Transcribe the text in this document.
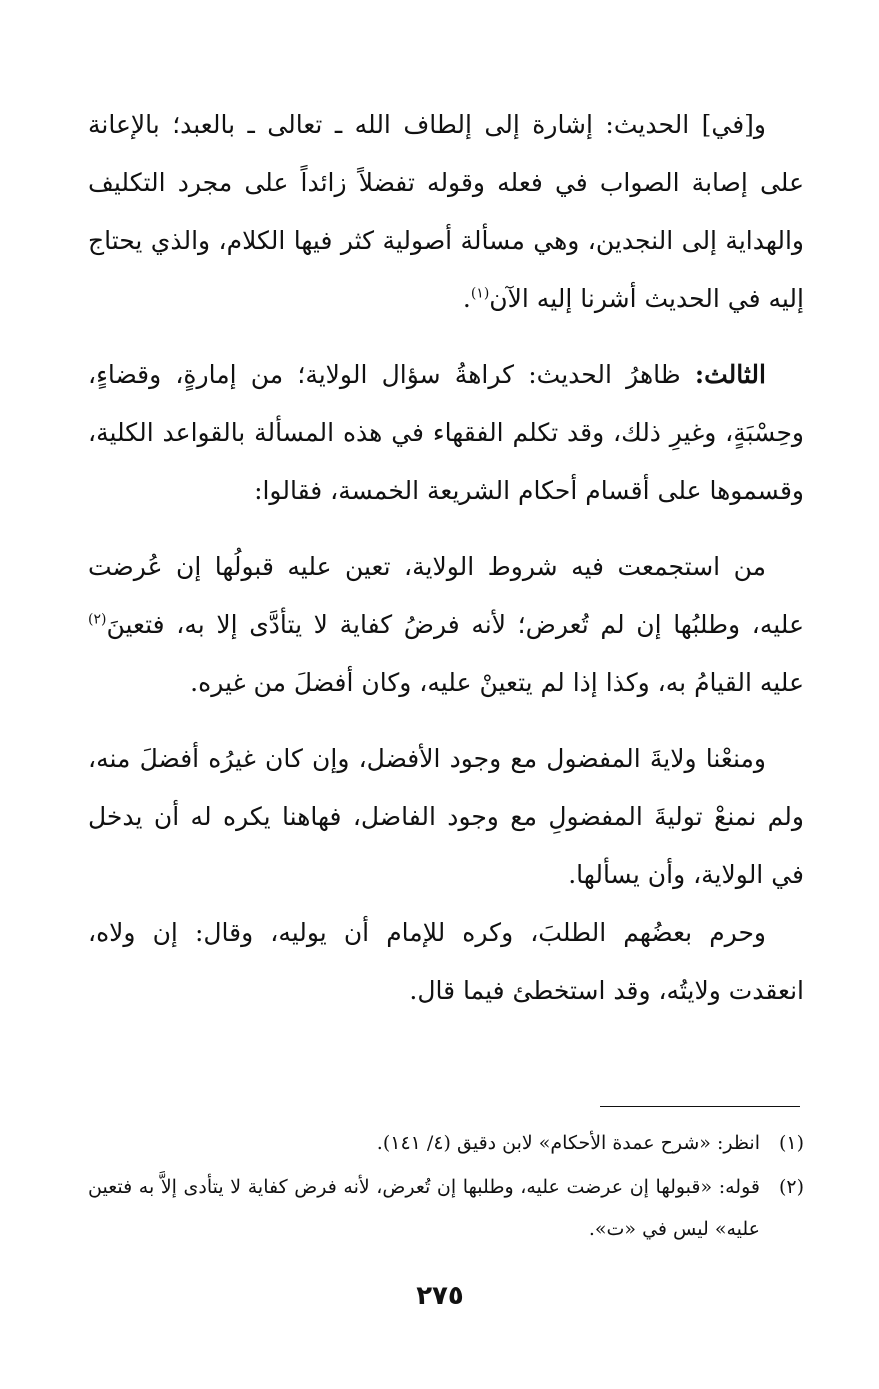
و[في] الحديث: إشارة إلى إلطاف الله ـ تعالى ـ بالعبد؛ بالإعانة على إصابة الصواب في فعله وقوله تفضلاً زائداً على مجرد التكليف والهداية إلى النجدين، وهي مسألة أصولية كثر فيها الكلام، والذي يحتاج إليه في الحديث أشرنا إليه الآن$^{(١)}$.

الثالث: ظاهرُ الحديث: كراهةُ سؤال الولاية؛ من إمارةٍ، وقضاءٍ، وحِسْبَةٍ، وغيرِ ذلك، وقد تكلم الفقهاء في هذه المسألة بالقواعد الكلية، وقسموها على أقسام أحكام الشريعة الخمسة، فقالوا:

من استجمعت فيه شروط الولاية، تعين عليه قبولُها إن عُرضت عليه، وطلبُها إن لم تُعرض؛ لأنه فرضُ كفاية لا يتأدَّى إلا به، فتعينَ$^{(٢)}$ عليه القيامُ به، وكذا إذا لم يتعينْ عليه، وكان أفضلَ من غيره.

ومنعْنا ولايةَ المفضول مع وجود الأفضل، وإن كان غيرُه أفضلَ منه، ولم نمنعْ توليةَ المفضولِ مع وجود الفاضل، فهاهنا يكره له أن يدخل في الولاية، وأن يسألها.

وحرم بعضُهم الطلبَ، وكره للإمام أن يوليه، وقال: إن ولاه، انعقدت ولايتُه، وقد استخطئ فيما قال.

(١)
انظر: «شرح عمدة الأحكام» لابن دقيق (٤/ ١٤١).
(٢)
قوله: «قبولها إن عرضت عليه، وطلبها إن تُعرض، لأنه فرض كفاية لا يتأدى إلاَّ به فتعين عليه» ليس في «ت».
٢٧٥
